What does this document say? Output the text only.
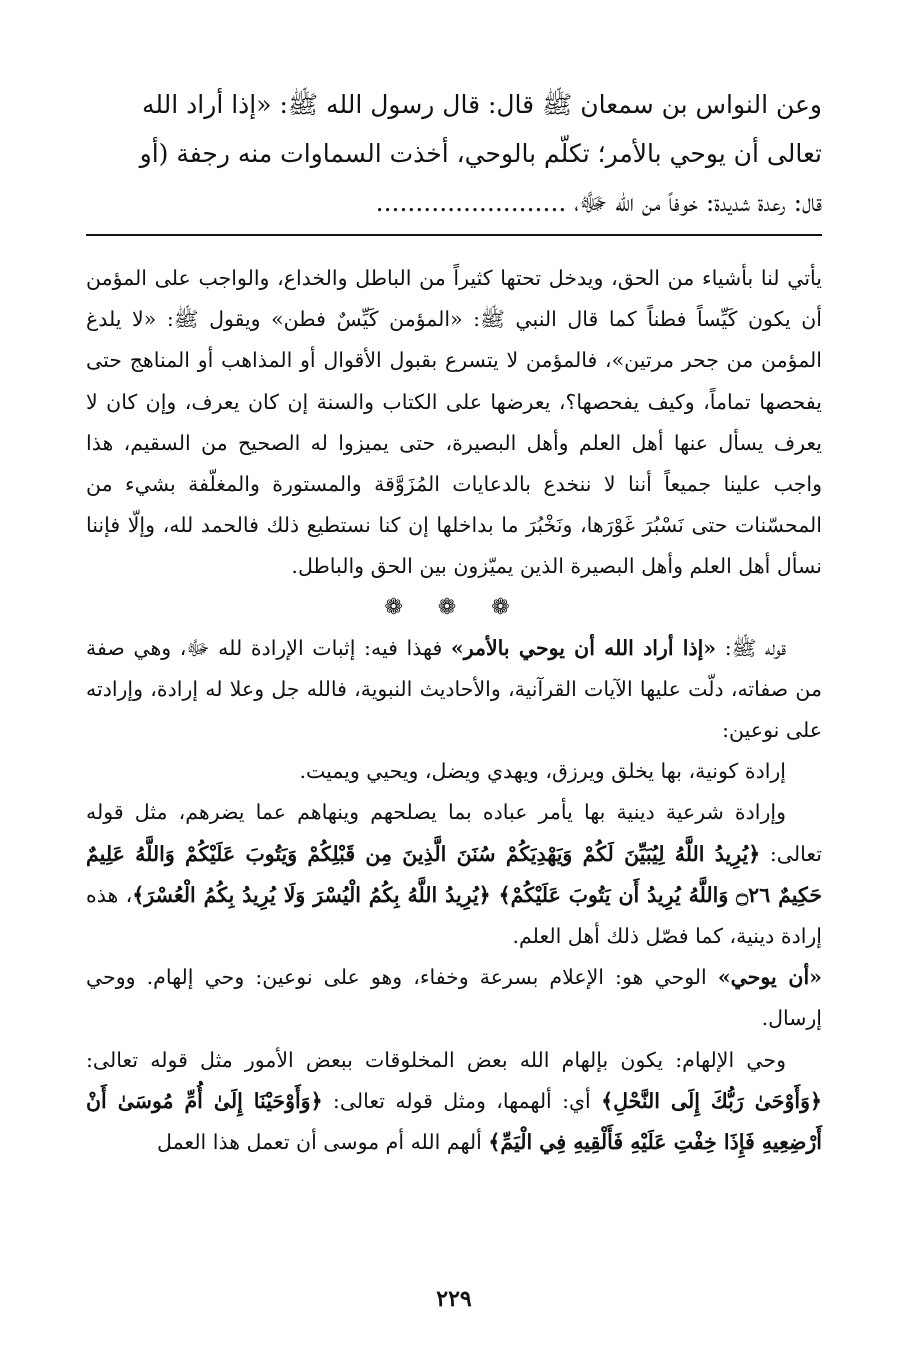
وعن النواس بن سمعان ﷺ قال: قال رسول الله ﷺ: «إذا أراد الله
تعالى أن يوحي بالأمر؛ تكلّم بالوحي، أخذت السماوات منه رجفة (أو
قال: رعدة شديدة: خوفاً من الله ﷻ، ........................

يأتي لنا بأشياء من الحق، ويدخل تحتها كثيراً من الباطل والخداع، والواجب على المؤمن أن يكون كَيِّساً فطناً كما قال النبي ﷺ: «المؤمن كَيِّسٌ فطن» ويقول ﷺ: «لا يلدغ المؤمن من جحر مرتين»، فالمؤمن لا يتسرع بقبول الأقوال أو المذاهب أو المناهج حتى يفحصها تماماً، وكيف يفحصها؟، يعرضها على الكتاب والسنة إن كان يعرف، وإن كان لا يعرف يسأل عنها أهل العلم وأهل البصيرة، حتى يميزوا له الصحيح من السقيم، هذا واجب علينا جميعاً أننا لا ننخدع بالدعايات المُزَوَّقة والمستورة والمغلّفة بشيء من المحسّنات حتى نَسْبُرَ غَوْرَها، ونَخْبُرَ ما بداخلها إن كنا نستطيع ذلك فالحمد لله، وإلّا فإننا نسأل أهل العلم وأهل البصيرة الذين يميّزون بين الحق والباطل.

❁ ❁ ❁

قوله ﷺ: «إذا أراد الله أن يوحي بالأمر» فهذا فيه: إثبات الإرادة لله ﷻ، وهي صفة من صفاته، دلّت عليها الآيات القرآنية، والأحاديث النبوية، فالله جل وعلا له إرادة، وإرادته على نوعين:

إرادة كونية، بها يخلق ويرزق، ويهدي ويضل، ويحيي ويميت.

وإرادة شرعية دينية بها يأمر عباده بما يصلحهم وينهاهم عما يضرهم، مثل قوله تعالى: ﴿يُرِيدُ اللَّهُ لِيُبَيِّنَ لَكُمْ وَيَهْدِيَكُمْ سُنَنَ الَّذِينَ مِن قَبْلِكُمْ وَيَتُوبَ عَلَيْكُمْ وَاللَّهُ عَلِيمٌ حَكِيمٌ ۝٢٦ وَاللَّهُ يُرِيدُ أَن يَتُوبَ عَلَيْكُمْ﴾ ﴿يُرِيدُ اللَّهُ بِكُمُ الْيُسْرَ وَلَا يُرِيدُ بِكُمُ الْعُسْرَ﴾، هذه إرادة دينية، كما فصّل ذلك أهل العلم.

«أن يوحي» الوحي هو: الإعلام بسرعة وخفاء، وهو على نوعين: وحي إلهام. ووحي إرسال.

وحي الإلهام: يكون بإلهام الله بعض المخلوقات ببعض الأمور مثل قوله تعالى: ﴿وَأَوْحَىٰ رَبُّكَ إِلَى النَّحْلِ﴾ أي: ألهمها، ومثل قوله تعالى: ﴿وَأَوْحَيْنَا إِلَىٰ أُمِّ مُوسَىٰ أَنْ أَرْضِعِيهِ فَإِذَا خِفْتِ عَلَيْهِ فَأَلْقِيهِ فِي الْيَمِّ﴾ ألهم الله أم موسى أن تعمل هذا العمل

٢٢٩
